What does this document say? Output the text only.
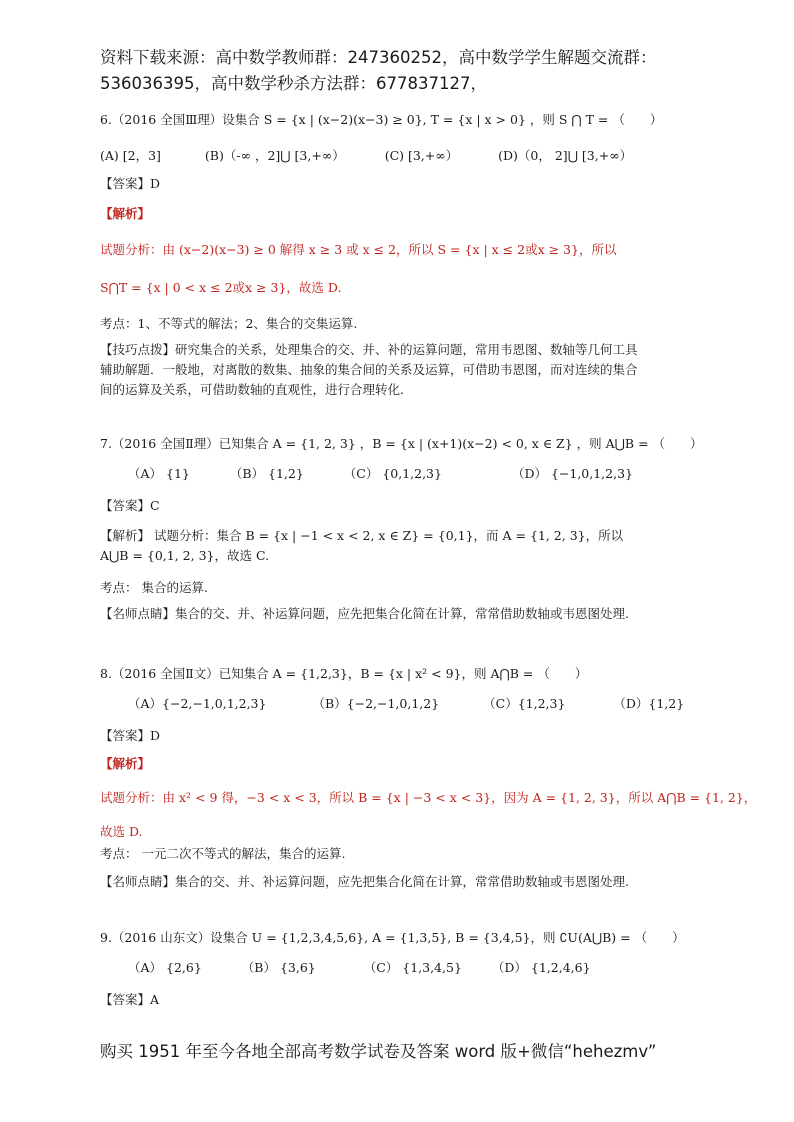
资料下载来源：高中数学教师群：247360252，高中数学学生解题交流群：
536036395，高中数学秒杀方法群：677837127，
6.（2016 全国Ⅲ理）设集合 S = {x | (x−2)(x−3) ≥ 0}, T = {x | x > 0} ，则 S ⋂ T = （　　）
(A) [2，3]	(B)（-∞ ，2]⋃ [3,+∞）	(C) [3,+∞）	(D)（0， 2]⋃ [3,+∞）
【答案】D
【解析】
试题分析：由 (x−2)(x−3) ≥ 0 解得 x ≥ 3 或 x ≤ 2，所以 S = {x | x ≤ 2或x ≥ 3}，所以
S⋂T = {x | 0 < x ≤ 2或x ≥ 3}，故选 D.
考点：1、不等式的解法；2、集合的交集运算.
【技巧点拨】研究集合的关系，处理集合的交、并、补的运算问题，常用韦恩图、数轴等几何工具
辅助解题．一般地，对离散的数集、抽象的集合间的关系及运算，可借助韦恩图，而对连续的集合
间的运算及关系，可借助数轴的直观性，进行合理转化.
7.（2016 全国Ⅱ理）已知集合 A = {1, 2, 3} ，B = {x | (x+1)(x−2) < 0, x ∈ Z} ，则 A⋃B = （　　）
（A） {1}	（B） {1,2}	（C） {0,1,2,3}	（D） {−1,0,1,2,3}
【答案】C
【解析】 试题分析：集合 B = {x | −1 < x < 2, x ∈ Z} = {0,1}，而 A = {1, 2, 3}，所以
A⋃B = {0,1, 2, 3}，故选 C.
考点： 集合的运算.
【名师点睛】集合的交、并、补运算问题，应先把集合化简在计算，常常借助数轴或韦恩图处理.
8.（2016 全国Ⅱ文）已知集合 A = {1,2,3}，B = {x | x² < 9}，则 A⋂B = （　　）
（A）{−2,−1,0,1,2,3}	（B）{−2,−1,0,1,2}	（C）{1,2,3}	（D）{1,2}
【答案】D
【解析】
试题分析：由 x² < 9 得，−3 < x < 3，所以 B = {x | −3 < x < 3}，因为 A = {1, 2, 3}，所以 A⋂B = {1, 2}，
故选 D.
考点： 一元二次不等式的解法，集合的运算.
【名师点睛】集合的交、并、补运算问题，应先把集合化简在计算，常常借助数轴或韦恩图处理.
9.（2016 山东文）设集合 U = {1,2,3,4,5,6}, A = {1,3,5}, B = {3,4,5}，则 ∁U(A⋃B) = （　　）
（A） {2,6}	（B） {3,6}	（C） {1,3,4,5} （D） {1,2,4,6}
【答案】A
购买 1951 年至今各地全部高考数学试卷及答案 word 版+微信“hehezmv”
